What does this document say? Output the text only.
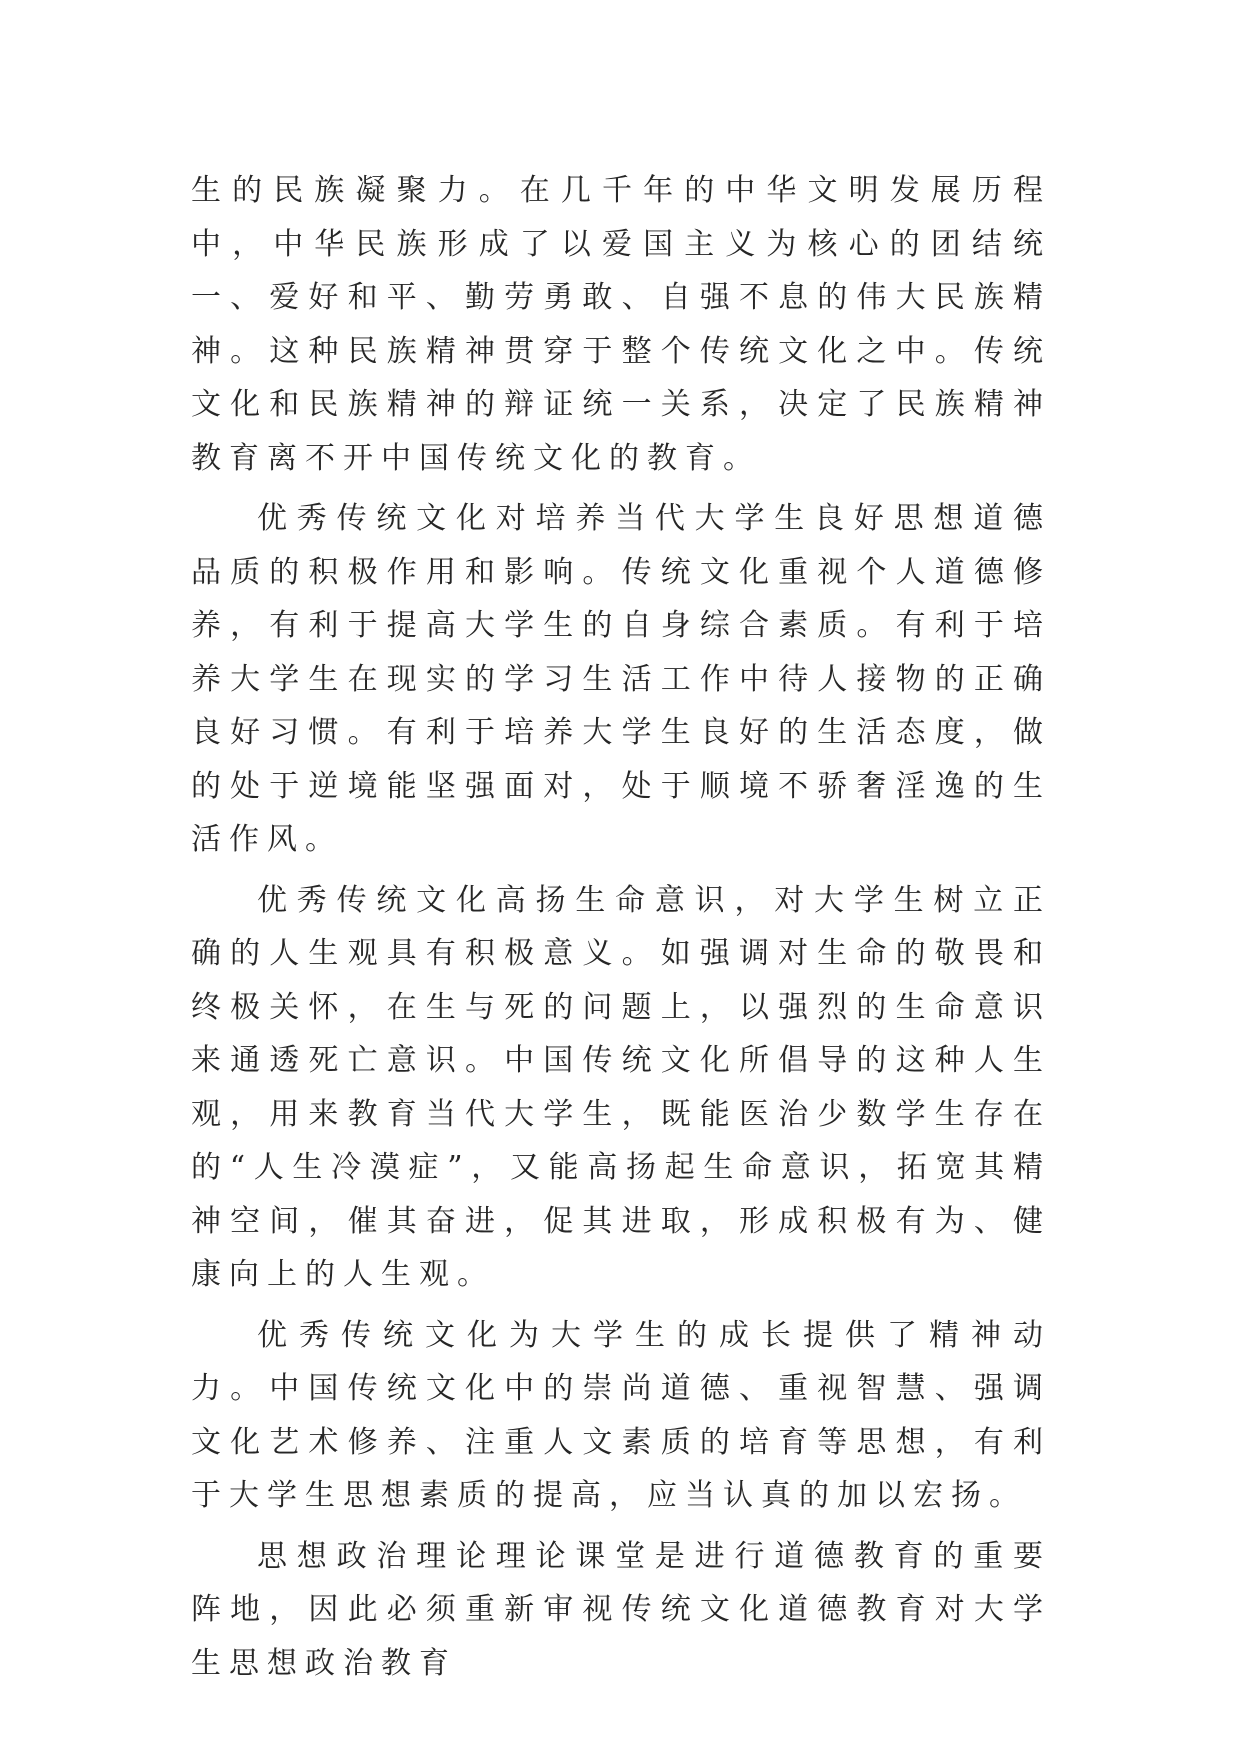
生的民族凝聚力。在几千年的中华文明发展历程中，中华民族形成了以爱国主义为核心的团结统一、爱好和平、勤劳勇敢、自强不息的伟大民族精神。这种民族精神贯穿于整个传统文化之中。传统文化和民族精神的辩证统一关系，决定了民族精神教育离不开中国传统文化的教育。

优秀传统文化对培养当代大学生良好思想道德品质的积极作用和影响。传统文化重视个人道德修养，有利于提高大学生的自身综合素质。有利于培养大学生在现实的学习生活工作中待人接物的正确良好习惯。有利于培养大学生良好的生活态度，做的处于逆境能坚强面对，处于顺境不骄奢淫逸的生活作风。

优秀传统文化高扬生命意识，对大学生树立正确的人生观具有积极意义。如强调对生命的敬畏和终极关怀，在生与死的问题上，以强烈的生命意识来通透死亡意识。中国传统文化所倡导的这种人生观，用来教育当代大学生，既能医治少数学生存在的“人生冷漠症”，又能高扬起生命意识，拓宽其精神空间，催其奋进，促其进取，形成积极有为、健康向上的人生观。

优秀传统文化为大学生的成长提供了精神动力。中国传统文化中的崇尚道德、重视智慧、强调文化艺术修养、注重人文素质的培育等思想，有利于大学生思想素质的提高，应当认真的加以宏扬。

思想政治理论理论课堂是进行道德教育的重要阵地，因此必须重新审视传统文化道德教育对大学生思想政治教育
